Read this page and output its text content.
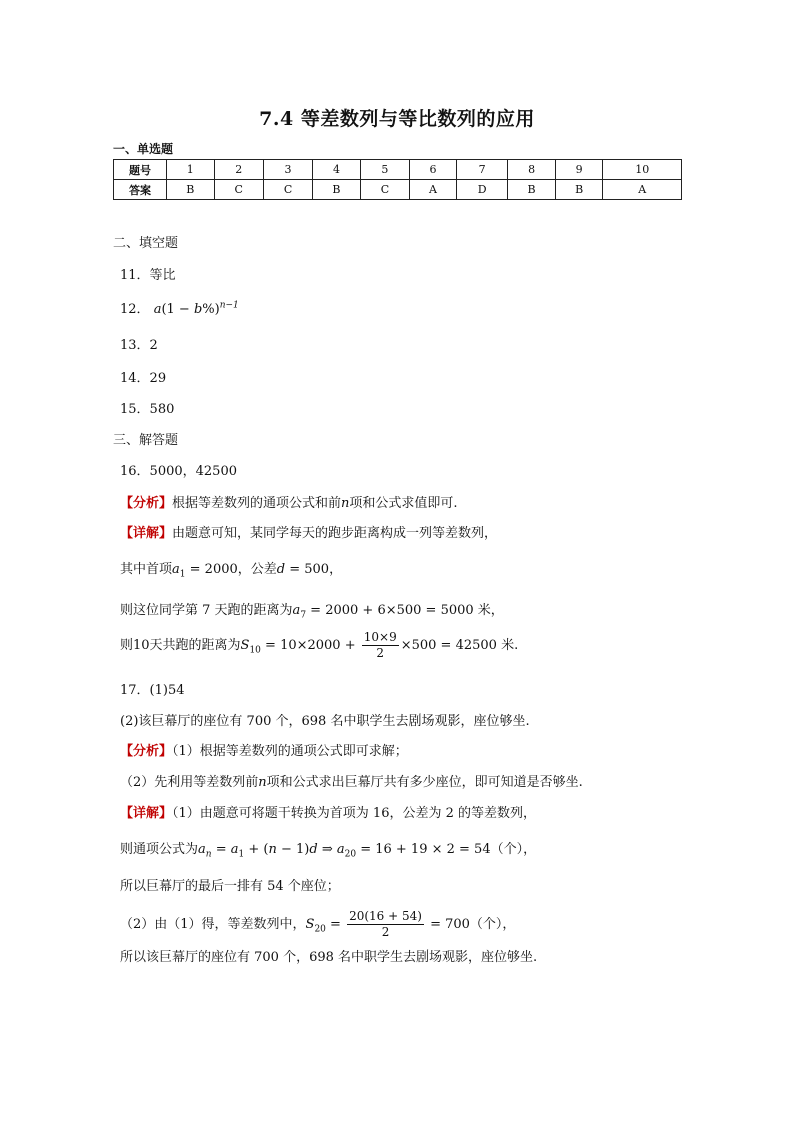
7.4 等差数列与等比数列的应用
一、单选题
题号	1	2	3	4	5	6	7	8	9	10
答案	B	C	C	B	C	A	D	B	B	A
二、填空题
11．等比
12． $a(1 - b\%)^{n-1}$
13．2
14．29
15．580
三、解答题
16．5000，42500
【分析】根据等差数列的通项公式和前n项和公式求值即可.
【详解】由题意可知，某同学每天的跑步距离构成一列等差数列，
其中首项$a_1 = 2000$，公差d = 500，
则这位同学第 7 天跑的距离为$a_7 = 2000 + 6\times 500 = 5000$ 米，
则10天共跑的距离为$S_{10} = 10\times 2000 + \frac{10\times 9}{2} \times 500 = 42500$ 米.
17．(1)54
(2)该巨幕厅的座位有 700 个，698 名中职学生去剧场观影，座位够坐.
【分析】（1）根据等差数列的通项公式即可求解；
（2）先利用等差数列前n项和公式求出巨幕厅共有多少座位，即可知道是否够坐.
【详解】（1）由题意可将题干转换为首项为 16，公差为 2 的等差数列，
则通项公式为$a_n = a_1 + (n - 1)d$ ⇒ $a_{20} = 16 + 19 \times 2 = 54$（个），
所以巨幕厅的最后一排有 54 个座位；
（2）由（1）得，等差数列中，$S_{20} = \frac{20(16 + 54)}{2} = 700$（个），
所以该巨幕厅的座位有 700 个，698 名中职学生去剧场观影，座位够坐.
